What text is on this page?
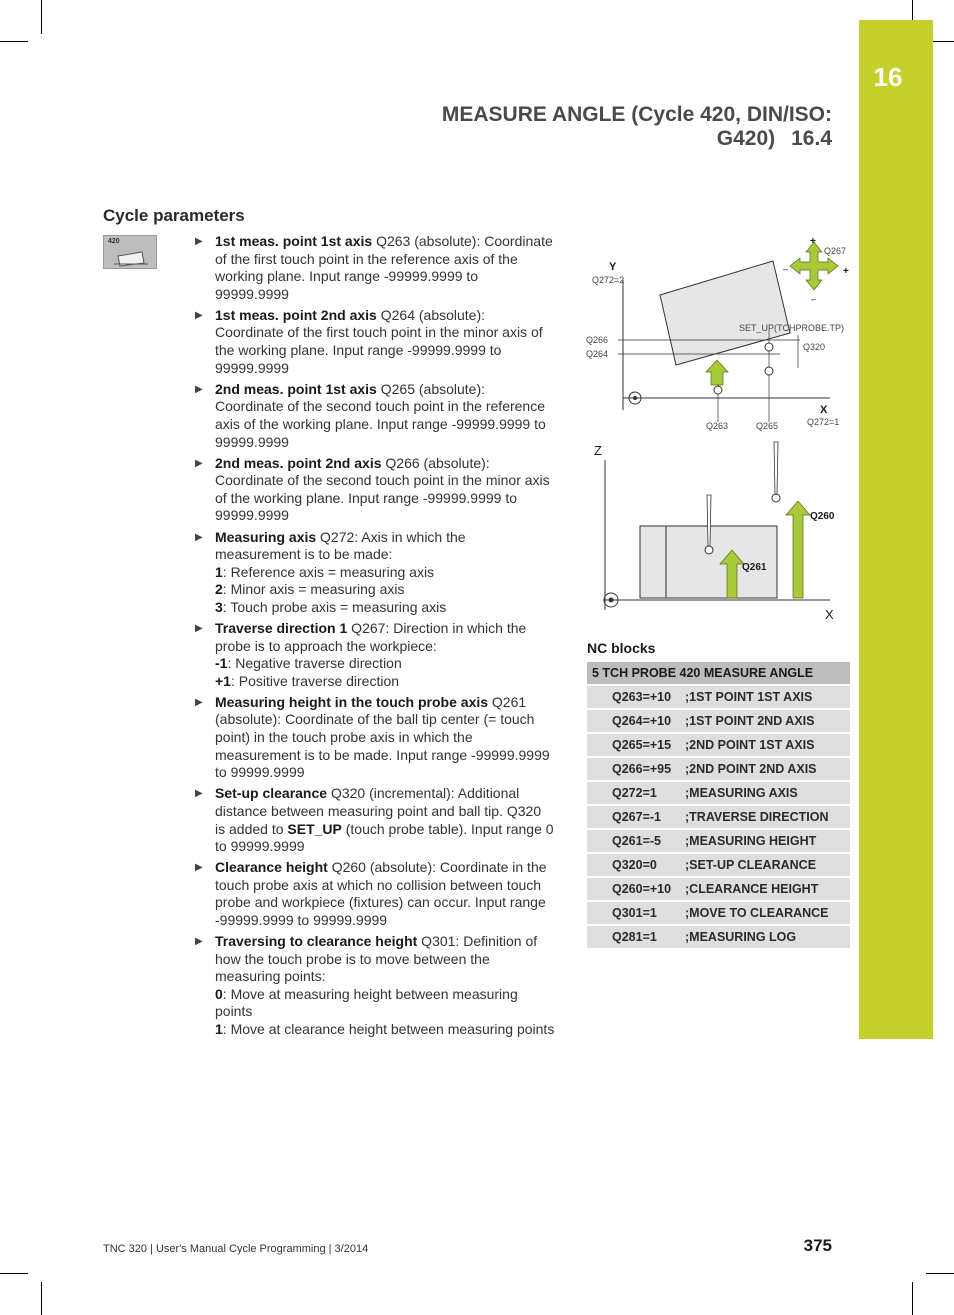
16
MEASURE ANGLE (Cycle 420, DIN/ISO: G420) 16.4
Cycle parameters
420	▶ 1st meas. point 1st axis Q263 (absolute): Coordinate of the first touch point in the reference axis of the working plane. Input range -99999.9999 to 99999.9999
▶ 1st meas. point 2nd axis Q264 (absolute): Coordinate of the first touch point in the minor axis of the working plane. Input range -99999.9999 to 99999.9999
▶ 2nd meas. point 1st axis Q265 (absolute): Coordinate of the second touch point in the reference axis of the working plane. Input range -99999.9999 to 99999.9999
▶ 2nd meas. point 2nd axis Q266 (absolute): Coordinate of the second touch point in the minor axis of the working plane. Input range -99999.9999 to 99999.9999
▶ Measuring axis Q272: Axis in which the measurement is to be made:
1: Reference axis = measuring axis
2: Minor axis = measuring axis
3: Touch probe axis = measuring axis
▶ Traverse direction 1 Q267: Direction in which the probe is to approach the workpiece:
-1: Negative traverse direction
+1: Positive traverse direction
▶ Measuring height in the touch probe axis Q261 (absolute): Coordinate of the ball tip center (= touch point) in the touch probe axis in which the measurement is to be made. Input range -99999.9999 to 99999.9999
▶ Set-up clearance Q320 (incremental): Additional distance between measuring point and ball tip. Q320 is added to SET_UP (touch probe table). Input range 0 to 99999.9999
▶ Clearance height Q260 (absolute): Coordinate in the touch probe axis at which no collision between touch probe and workpiece (fixtures) can occur. Input range -99999.9999 to 99999.9999
▶ Traversing to clearance height Q301: Definition of how the touch probe is to move between the measuring points:
0: Move at measuring height between measuring points
1: Move at clearance height between measuring points
Y
Q272=2
X
Q272=1
Q267
+
+
–
–
SET_UP(TCHPROBE.TP)
Q320
Q266
Q264
Q263	Q265
Z
X
Q260
Q261
NC blocks
5 TCH PROBE 420 MEASURE ANGLE	
Q263=+10	;1ST POINT 1ST AXIS
Q264=+10	;1ST POINT 2ND AXIS
Q265=+15	;2ND POINT 1ST AXIS
Q266=+95	;2ND POINT 2ND AXIS
Q272=1	;MEASURING AXIS
Q267=-1	;TRAVERSE DIRECTION
Q261=-5	;MEASURING HEIGHT
Q320=0	;SET-UP CLEARANCE
Q260=+10	;CLEARANCE HEIGHT
Q301=1	;MOVE TO CLEARANCE
Q281=1	;MEASURING LOG
TNC 320 | User's Manual Cycle Programming | 3/2014	375
